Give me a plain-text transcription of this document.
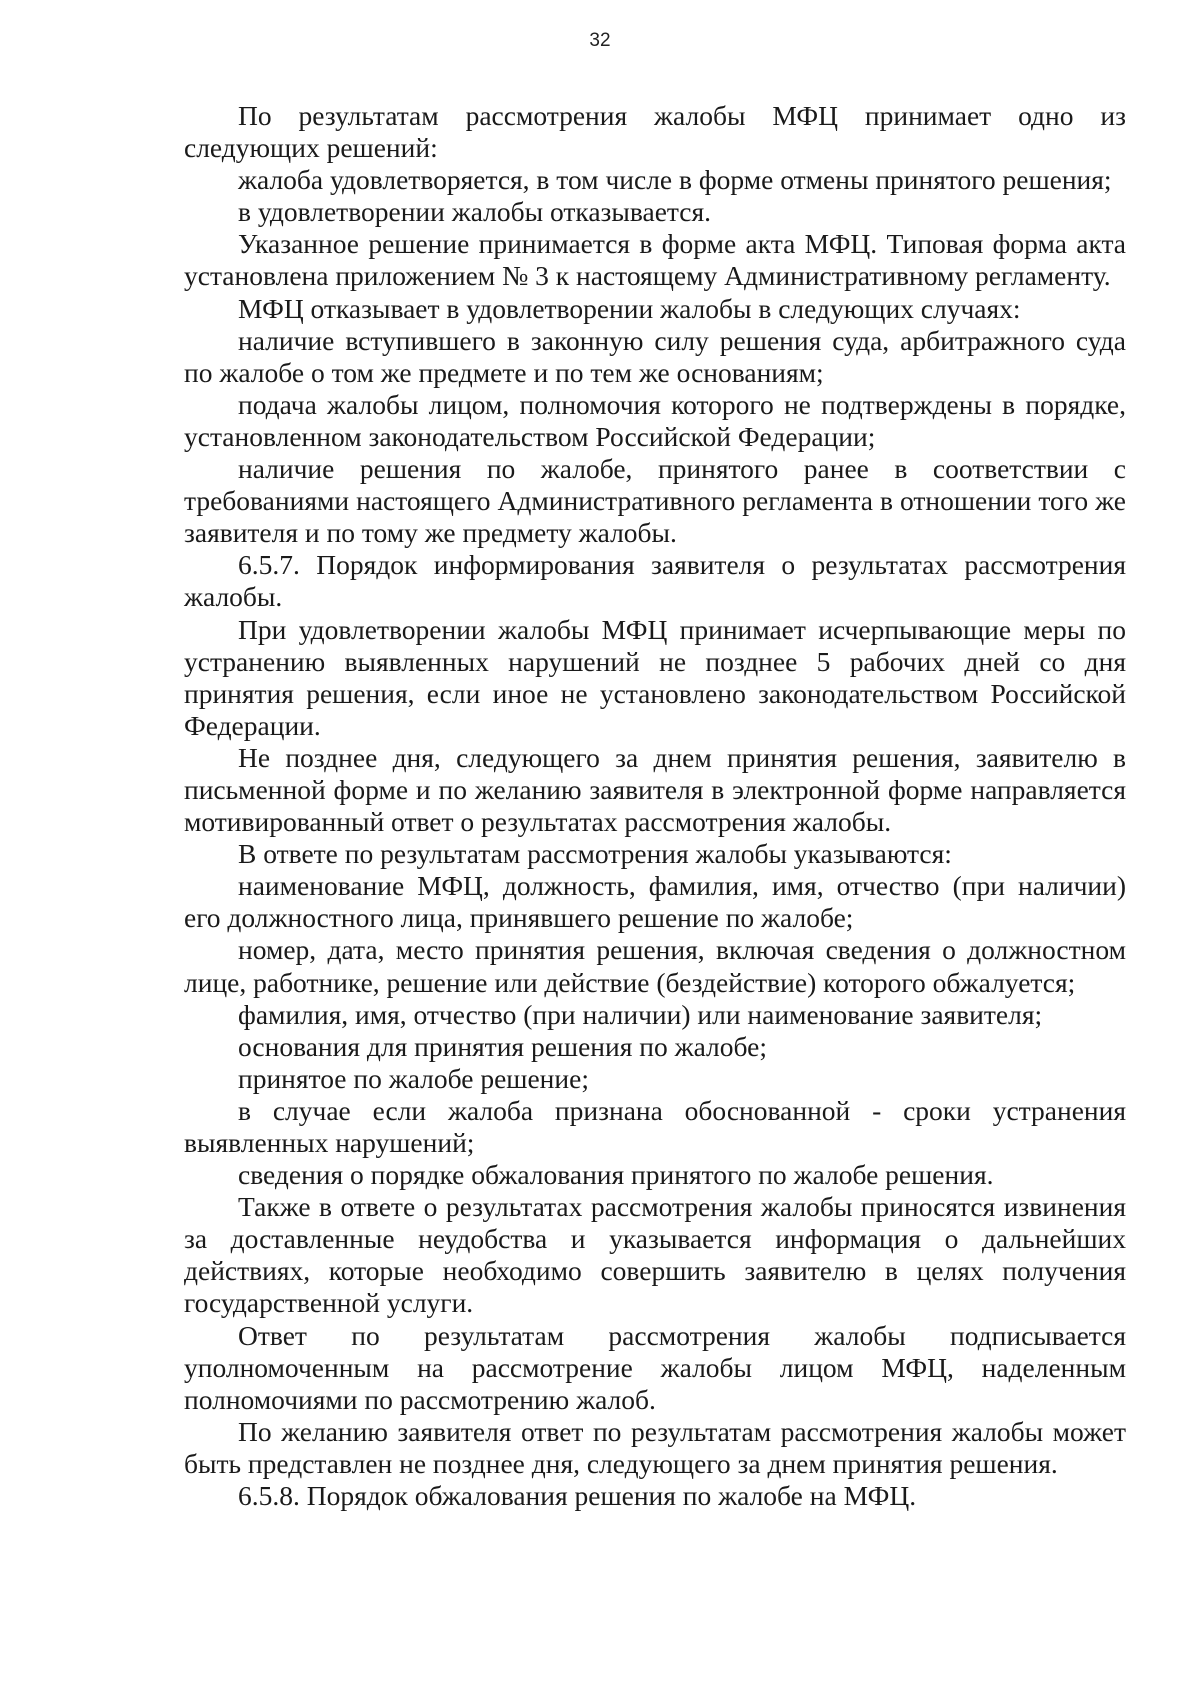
32

По результатам рассмотрения жалобы МФЦ принимает одно из следующих решений:

жалоба удовлетворяется, в том числе в форме отмены принятого решения;

в удовлетворении жалобы отказывается.

Указанное решение принимается в форме акта МФЦ. Типовая форма акта установлена приложением № 3 к настоящему Административному регламенту.

МФЦ отказывает в удовлетворении жалобы в следующих случаях:

наличие вступившего в законную силу решения суда, арбитражного суда по жалобе о том же предмете и по тем же основаниям;

подача жалобы лицом, полномочия которого не подтверждены в порядке, установленном законодательством Российской Федерации;

наличие решения по жалобе, принятого ранее в соответствии с требованиями настоящего Административного регламента в отношении того же заявителя и по тому же предмету жалобы.

6.5.7. Порядок информирования заявителя о результатах рассмотрения жалобы.

При удовлетворении жалобы МФЦ принимает исчерпывающие меры по устранению выявленных нарушений не позднее 5 рабочих дней со дня принятия решения, если иное не установлено законодательством Российской Федерации.

Не позднее дня, следующего за днем принятия решения, заявителю в письменной форме и по желанию заявителя в электронной форме направляется мотивированный ответ о результатах рассмотрения жалобы.

В ответе по результатам рассмотрения жалобы указываются:

наименование МФЦ, должность, фамилия, имя, отчество (при наличии) его должностного лица, принявшего решение по жалобе;

номер, дата, место принятия решения, включая сведения о должностном лице, работнике, решение или действие (бездействие) которого обжалуется;

фамилия, имя, отчество (при наличии) или наименование заявителя;

основания для принятия решения по жалобе;

принятое по жалобе решение;

в случае если жалоба признана обоснованной - сроки устранения выявленных нарушений;

сведения о порядке обжалования принятого по жалобе решения.

Также в ответе о результатах рассмотрения жалобы приносятся извинения за доставленные неудобства и указывается информация о дальнейших действиях, которые необходимо совершить заявителю в целях получения государственной услуги.

Ответ по результатам рассмотрения жалобы подписывается уполномоченным на рассмотрение жалобы лицом МФЦ, наделенным полномочиями по рассмотрению жалоб.

По желанию заявителя ответ по результатам рассмотрения жалобы может быть представлен не позднее дня, следующего за днем принятия решения.

6.5.8. Порядок обжалования решения по жалобе на МФЦ.
